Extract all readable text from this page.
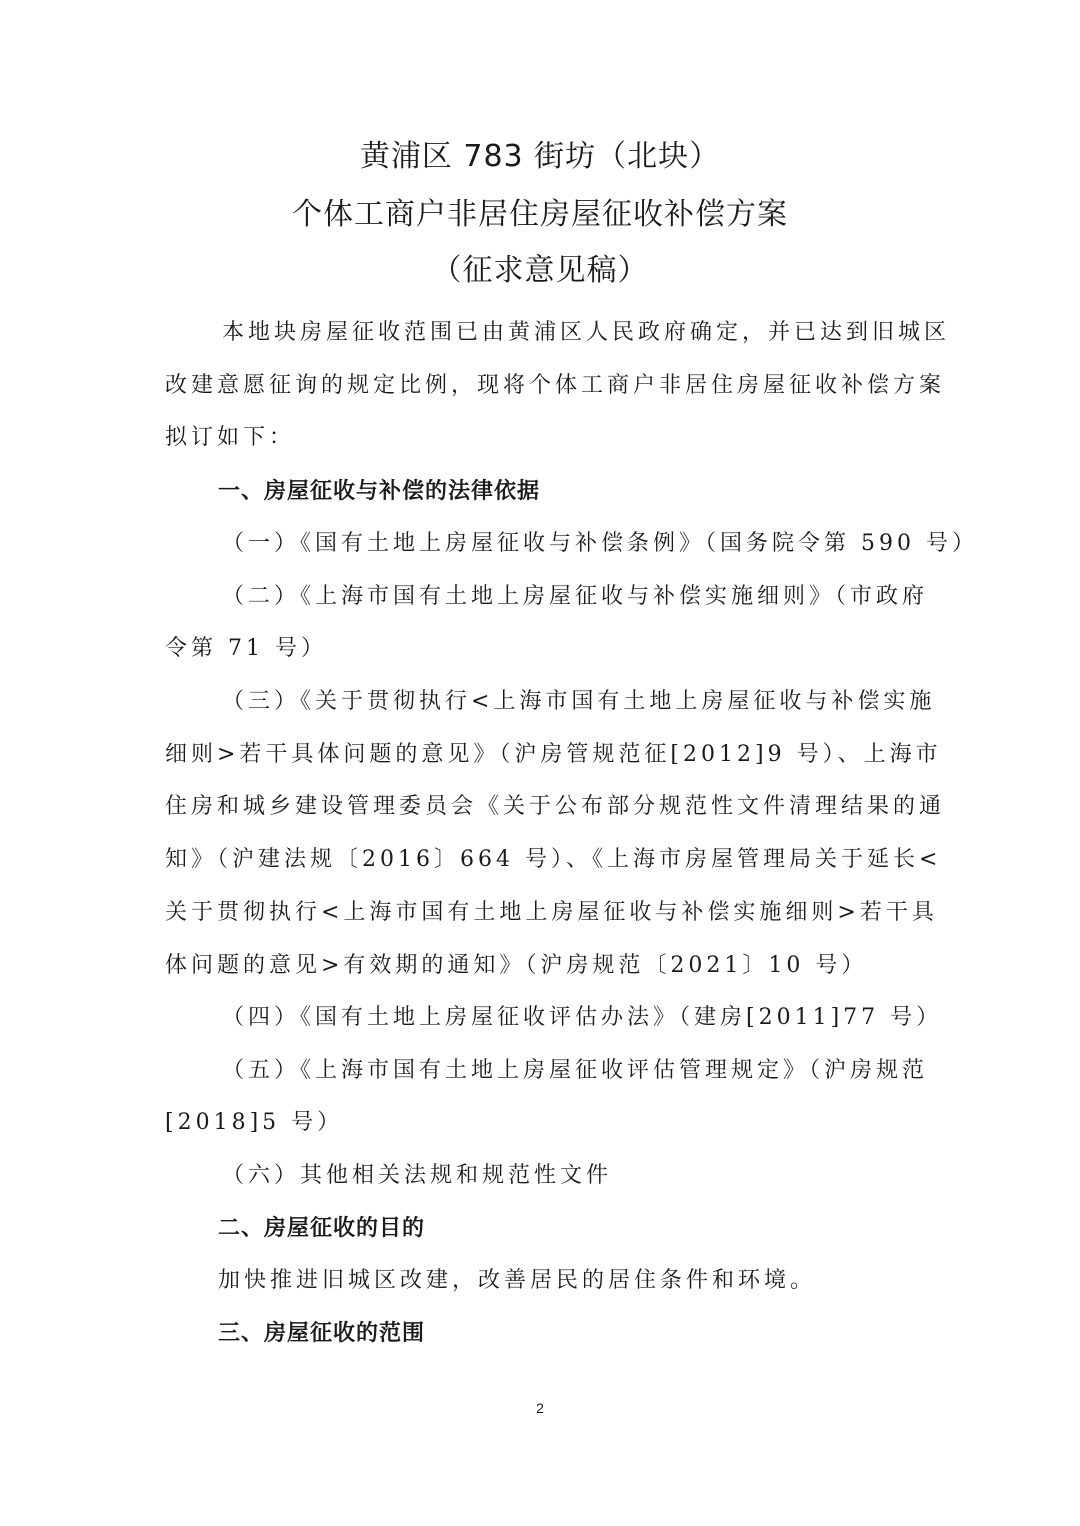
黄浦区 783 街坊（北块）
个体工商户非居住房屋征收补偿方案
（征求意见稿）
本地块房屋征收范围已由黄浦区人民政府确定，并已达到旧城区
改建意愿征询的规定比例，现将个体工商户非居住房屋征收补偿方案
拟订如下：
一、房屋征收与补偿的法律依据
（一）《国有土地上房屋征收与补偿条例》（国务院令第 590 号）
（二）《上海市国有土地上房屋征收与补偿实施细则》（市政府
令第 71 号）
（三）《关于贯彻执行<上海市国有土地上房屋征收与补偿实施
细则>若干具体问题的意见》（沪房管规范征[2012]9 号）、上海市
住房和城乡建设管理委员会《关于公布部分规范性文件清理结果的通
知》（沪建法规〔2016〕664 号）、《上海市房屋管理局关于延长<
关于贯彻执行<上海市国有土地上房屋征收与补偿实施细则>若干具
体问题的意见>有效期的通知》（沪房规范〔2021〕10 号）
（四）《国有土地上房屋征收评估办法》（建房[2011]77 号）
（五）《上海市国有土地上房屋征收评估管理规定》（沪房规范
[2018]5 号）
（六）其他相关法规和规范性文件
二、房屋征收的目的
加快推进旧城区改建，改善居民的居住条件和环境。
三、房屋征收的范围
2
